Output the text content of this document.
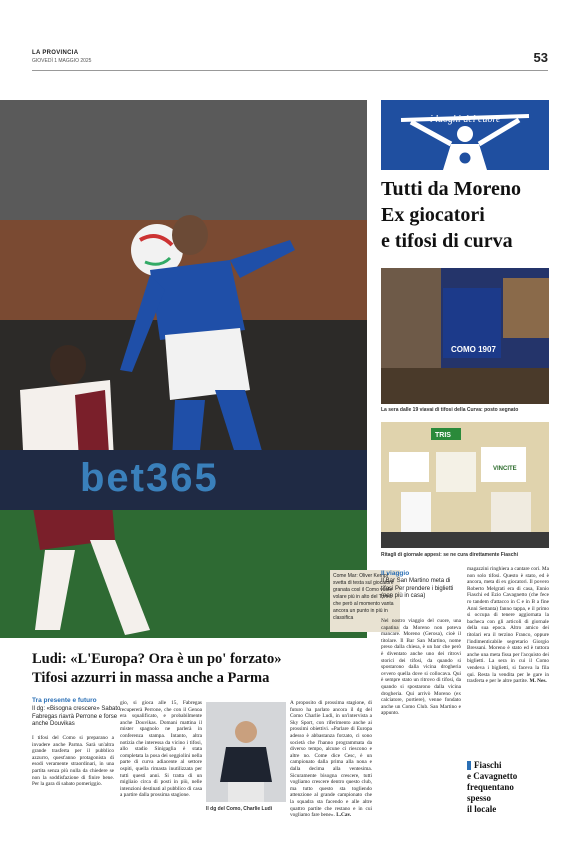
LA PROVINCIA
GIOVEDÌ 1 MAGGIO 2025	53
bet365
Come Mar: Oliver Kempf svetta di testa sul giocatore granata così il Como vuole volare più in alto del Torino che però al momento vanta ancora un punto in più in classifica
i luoghi del cuore
Tutti da Moreno
Ex giocatori
e tifosi di curva
COMO 1907
La sera dalle 19 viavai di tifosi della Curva: posto segnato
TRIS
VINCITE
Ritagli di giornale appesi: se ne cura direttamente Fiaschi
Il viaggio
Il Bar San Martino meta di tifosi Per prendere i biglietti (non più in casa)
Nel nostro viaggio del cuore, una capatina da Moreno non poteva mancare. Moreno (Gerosa), cioè il titolare. Il Bar San Martino, nome preso dalla chiesa, è un bar che però è diventato anche uno dei ritrovi storici dei tifosi, da quando si spostarono dalla vicina drogheria ovvero quella dove si collocava. Qui è sempre stato un ritrovo di tifosi, da quando si spostarono dalla vicina drogheria. Qui arrivò Moreno (ex calciatore, portiere), venne fondato anche un Como Club. San Martino e appunto.
magazzini ringhiera a cantare cori. Ma non solo tifosi. Questo è stato, ed è ancora, meta di ex giocatori. Il povero Roberto Melgrati era di casa, Ennio Fiaschi ed Ezio Cavagnetto (che fece ro tandem d'attacco in C e in B a fine Anni Settanta) fanno tappa, e il primo si occupa di tenere aggiornata la bacheca con gli articoli di giornale della sua epoca. Altro amico dei titolari era il terzino Franco, oppure l'indimenticabile segretario Giorgio Bressani. Moreno è stato ed è tuttora anche una meta fissa per l'acquisto dei biglietti. La sera in cui il Como vendeva i biglietti, si faceva la fila qui. Resta la vendita per le gare in trasferta e per le altre partite. M. Nes.
Fiaschi
e Cavagnetto
frequentano
spesso
il locale
Ludi: «L'Europa? Ora è un po' forzato»
Tifosi azzurri in massa anche a Parma
Tra presente e futuro
Il dg: «Bisogna crescere» Sabato Fabregas riavrà Perrone e forse anche Douvikas
I tifosi del Como si preparano a invadere anche Parma. Sarà un'altra grande trasferta per il pubblico azzurro, quest'anno protagonista di esodi veramente straordinari, in una partita senza più nulla da chiedere se non la soddisfazione di finire bene. Per la gara di sabato pomeriggio.
gio, si gioca alle 15, Fabregas recupererà Perrone, che con il Genoa era squalificato, e probabilmente anche Douvikas. Domani mattina il mister spagnolo ne parlerà in conferenza stampa. Intanto, altra notizia che interessa da vicino i tifosi, allo stadio Sinigaglia è stata completata la posa dei seggiolini nella parte di curva adiacente al settore ospiti, quella rimasta inutilizzata per tutti questi anni. Si tratta di un migliaio circa di posti in più, nelle intenzioni destinati al pubblico di casa a partire dalla prossima stagione.
Il dg del Como, Charlie Ludi
A proposito di prossima stagione, di futuro ha parlato ancora il dg del Como Charlie Ludi, in un'intervista a Sky Sport, con riferimento anche ai prossimi obiettivi. «Parlare di Europa adesso è abbastanza forzato, ci sono società che l'hanno programmata da diverso tempo, alcune ci riescono e altre no. Come dice Cesc, è un campionato dalla prima alla nona e dalla decima alla ventesima. Sicuramente bisogna crescere, tutti vogliamo crescere dentro questo club, ma tutto questo sta togliendo attenzione al grande campionato che la squadra sta facendo e alle altre quattro partite che restano e in cui vogliamo fare bene». L.Cav.
